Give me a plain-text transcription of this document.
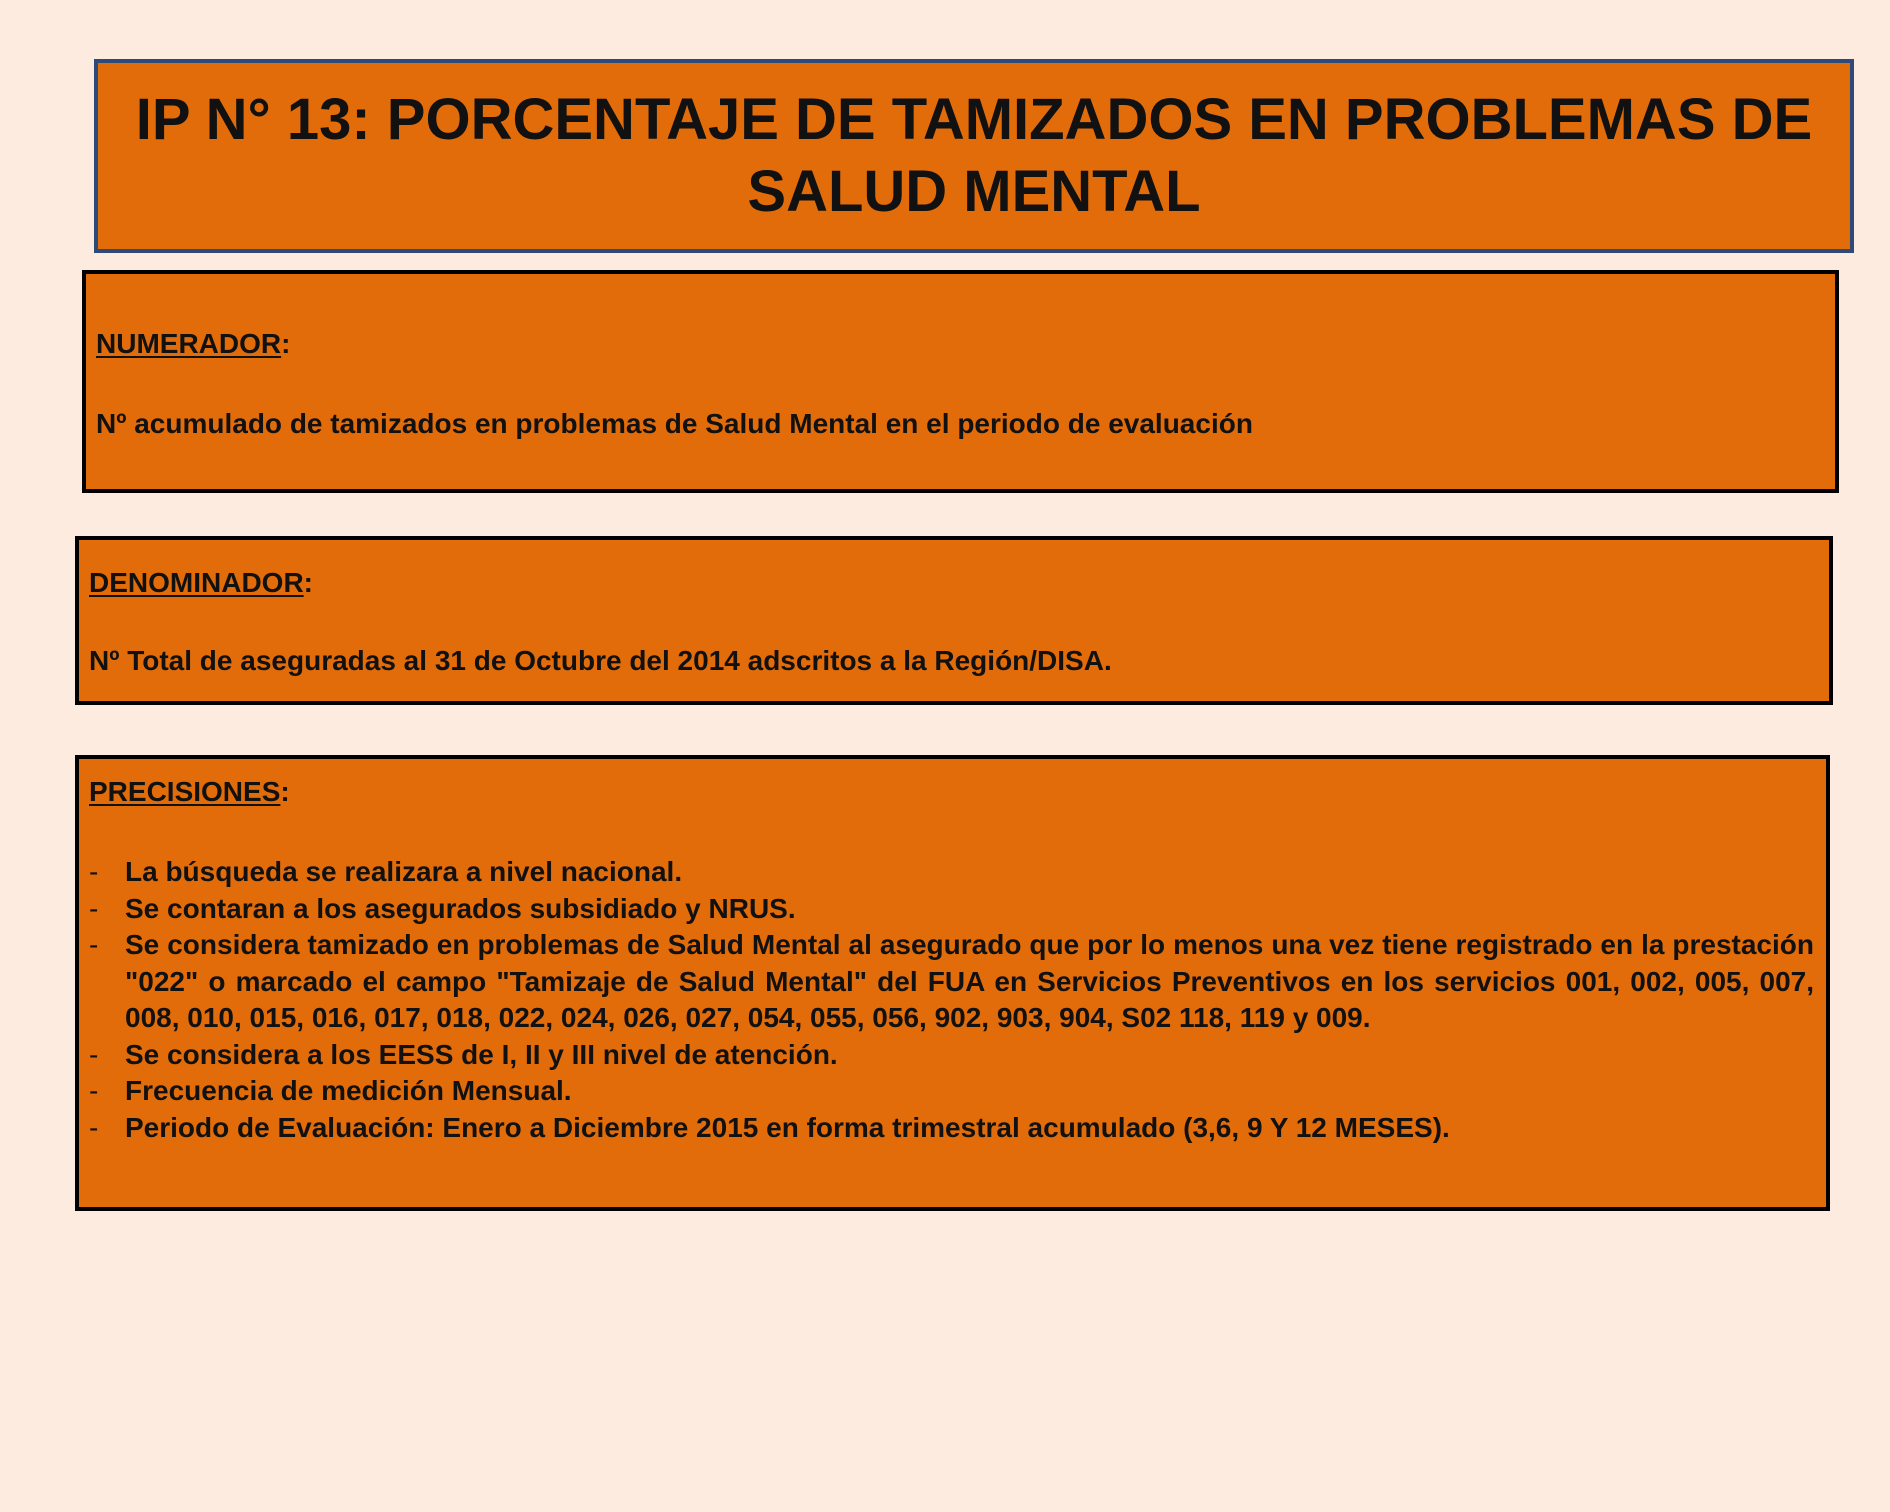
IP N° 13: PORCENTAJE DE TAMIZADOS EN PROBLEMAS DE SALUD MENTAL
NUMERADOR:
Nº acumulado de tamizados en problemas de Salud Mental en el periodo de evaluación
DENOMINADOR:
Nº Total de aseguradas al 31 de Octubre del 2014 adscritos a la Región/DISA.
PRECISIONES:
- La búsqueda se realizara a nivel nacional.
- Se contaran a los asegurados subsidiado y NRUS.
- Se considera tamizado en problemas de Salud Mental al asegurado que por lo menos una vez tiene registrado en la prestación "022" o marcado el campo "Tamizaje de Salud Mental" del FUA en Servicios Preventivos en los servicios 001, 002, 005, 007, 008, 010, 015, 016, 017, 018, 022, 024, 026, 027, 054, 055, 056, 902, 903, 904, S02 118, 119 y 009.
- Se considera a los EESS de I, II y III nivel de atención.
- Frecuencia de medición Mensual.
- Periodo de Evaluación: Enero a Diciembre 2015 en forma trimestral acumulado (3,6, 9 Y 12 MESES).
